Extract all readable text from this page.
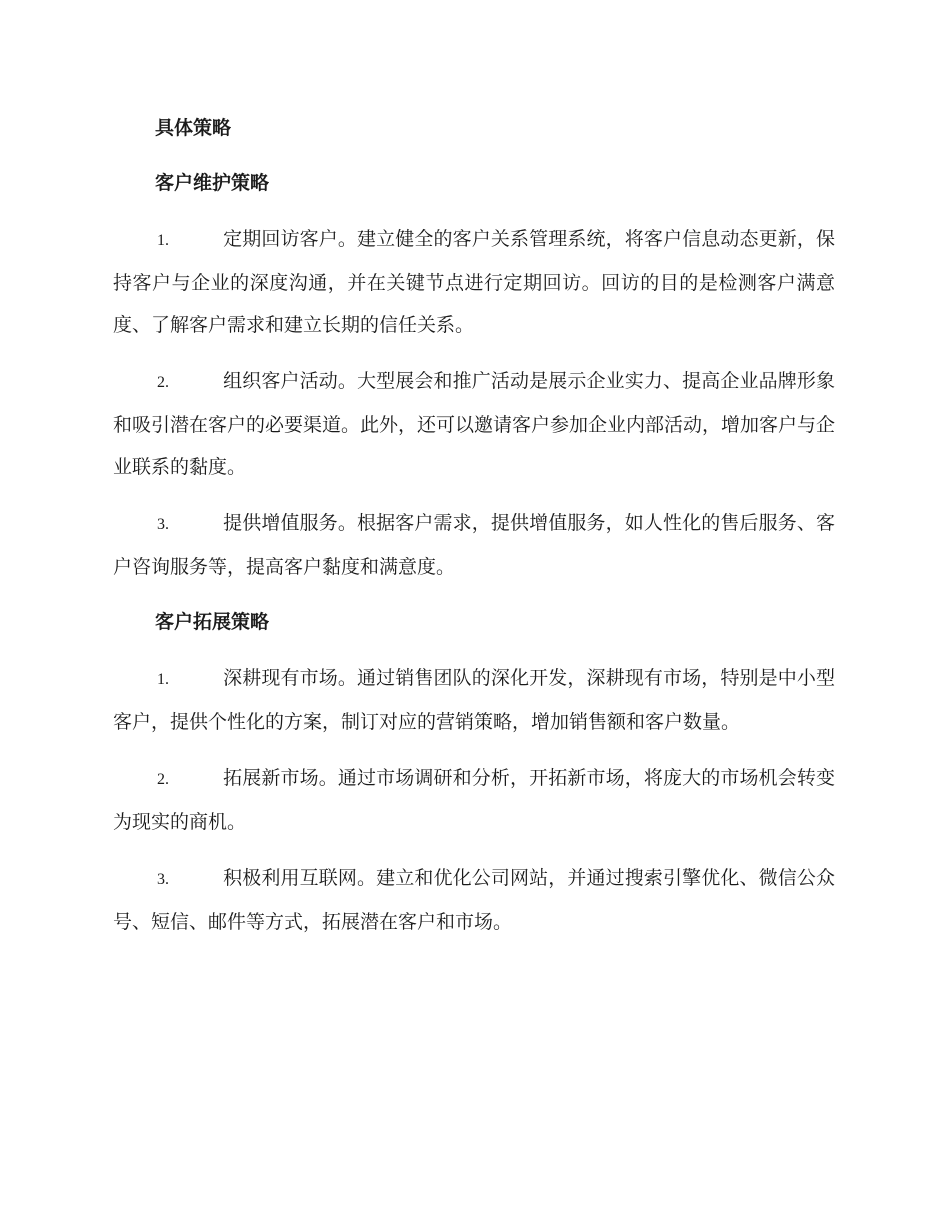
具体策略
客户维护策略
1.	定期回访客户。建立健全的客户关系管理系统，将客户信息动态更新，保持客户与企业的深度沟通，并在关键节点进行定期回访。回访的目的是检测客户满意度、了解客户需求和建立长期的信任关系。
2.	组织客户活动。大型展会和推广活动是展示企业实力、提高企业品牌形象和吸引潜在客户的必要渠道。此外，还可以邀请客户参加企业内部活动，增加客户与企业联系的黏度。
3.	提供增值服务。根据客户需求，提供增值服务，如人性化的售后服务、客户咨询服务等，提高客户黏度和满意度。
客户拓展策略
1.	深耕现有市场。通过销售团队的深化开发，深耕现有市场，特别是中小型客户，提供个性化的方案，制订对应的营销策略，增加销售额和客户数量。
2.	拓展新市场。通过市场调研和分析，开拓新市场，将庞大的市场机会转变为现实的商机。
3.	积极利用互联网。建立和优化公司网站，并通过搜索引擎优化、微信公众号、短信、邮件等方式，拓展潜在客户和市场。
